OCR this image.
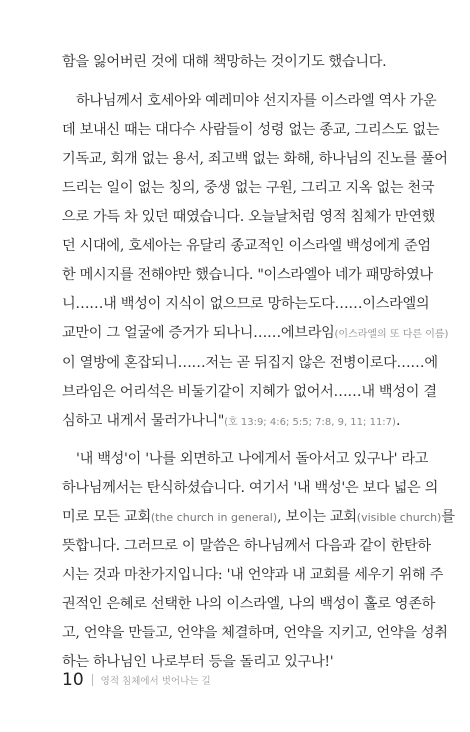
함을 잃어버린 것에 대해 책망하는 것이기도 했습니다.

하나님께서 호세아와 예레미야 선지자를 이스라엘 역사 가운
데 보내신 때는 대다수 사람들이 성령 없는 종교, 그리스도 없는
기독교, 회개 없는 용서, 죄고백 없는 화해, 하나님의 진노를 풀어
드리는 일이 없는 칭의, 중생 없는 구원, 그리고 지옥 없는 천국
으로 가득 차 있던 때였습니다. 오늘날처럼 영적 침체가 만연했
던 시대에, 호세아는 유달리 종교적인 이스라엘 백성에게 준엄
한 메시지를 전해야만 했습니다. "이스라엘아 네가 패망하였나
니……내 백성이 지식이 없으므로 망하는도다……이스라엘의
교만이 그 얼굴에 증거가 되나니……에브라임(이스라엘의 또 다른 이름)
이 열방에 혼잡되니……저는 곧 뒤집지 않은 전병이로다……에
브라임은 어리석은 비둘기같이 지혜가 없어서……내 백성이 결
심하고 내게서 물러가나니"(호 13:9; 4:6; 5:5; 7:8, 9, 11; 11:7).

'내 백성'이 '나를 외면하고 나에게서 돌아서고 있구나' 라고
하나님께서는 탄식하셨습니다. 여기서 '내 백성'은 보다 넓은 의
미로 모든 교회(the church in general), 보이는 교회(visible church)를
뜻합니다. 그러므로 이 말씀은 하나님께서 다음과 같이 한탄하
시는 것과 마찬가지입니다: '내 언약과 내 교회를 세우기 위해 주
권적인 은혜로 선택한 나의 이스라엘, 나의 백성이 홀로 영존하
고, 언약을 만들고, 언약을 체결하며, 언약을 지키고, 언약을 성취
하는 하나님인 나로부터 등을 돌리고 있구나!'

10 영적 침체에서 벗어나는 길
